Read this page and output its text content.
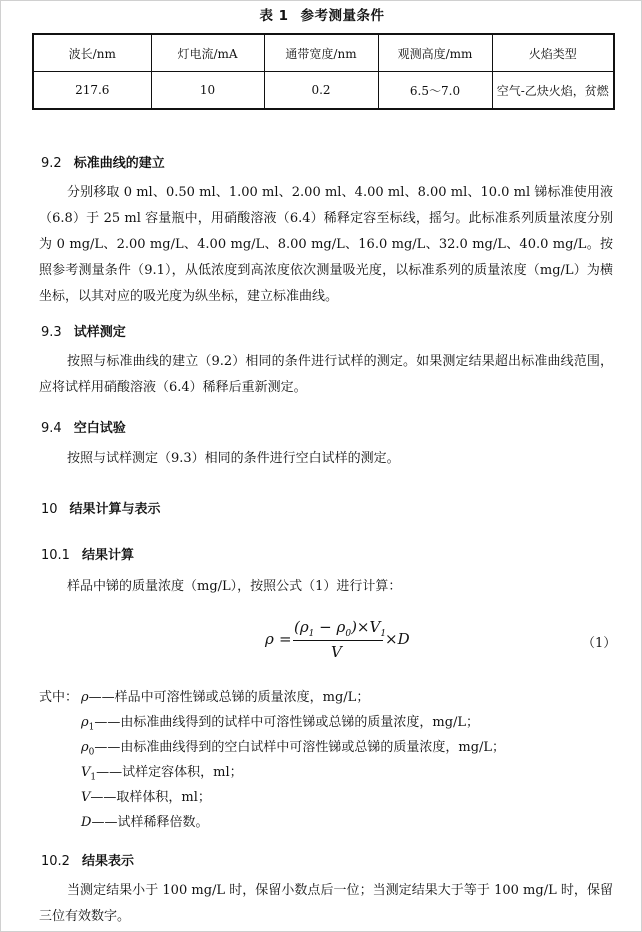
表 1 参考测量条件
波长/nm	灯电流/mA	通带宽度/nm	观测高度/mm	火焰类型
217.6	10	0.2	6.5～7.0	空气-乙炔火焰，贫燃
9.2 标准曲线的建立
分别移取 0 ml、0.50 ml、1.00 ml、2.00 ml、4.00 ml、8.00 ml、10.0 ml 锑标准使用液（6.8）于 25 ml 容量瓶中，用硝酸溶液（6.4）稀释定容至标线，摇匀。此标准系列质量浓度分别为 0 mg/L、2.00 mg/L、4.00 mg/L、8.00 mg/L、16.0 mg/L、32.0 mg/L、40.0 mg/L。按照参考测量条件（9.1），从低浓度到高浓度依次测量吸光度，以标准系列的质量浓度（mg/L）为横坐标，以其对应的吸光度为纵坐标，建立标准曲线。
9.3 试样测定
按照与标准曲线的建立（9.2）相同的条件进行试样的测定。如果测定结果超出标准曲线范围，应将试样用硝酸溶液（6.4）稀释后重新测定。
9.4 空白试验
按照与试样测定（9.3）相同的条件进行空白试样的测定。
10 结果计算与表示
10.1 结果计算
样品中锑的质量浓度（mg/L），按照公式（1）进行计算：
ρ =
$(\rho_1 - \rho_0)\times V_1$
V
×D	（1）
式中： ρ——样品中可溶性锑或总锑的质量浓度，mg/L；
$\rho_1——$由标准曲线得到的试样中可溶性锑或总锑的质量浓度，mg/L；
$\rho_0——$由标准曲线得到的空白试样中可溶性锑或总锑的质量浓度，mg/L；
$V_1——$试样定容体积，ml；
V——取样体积，ml；
D——试样稀释倍数。
10.2 结果表示
当测定结果小于 100 mg/L 时，保留小数点后一位；当测定结果大于等于 100 mg/L 时，保留三位有效数字。
